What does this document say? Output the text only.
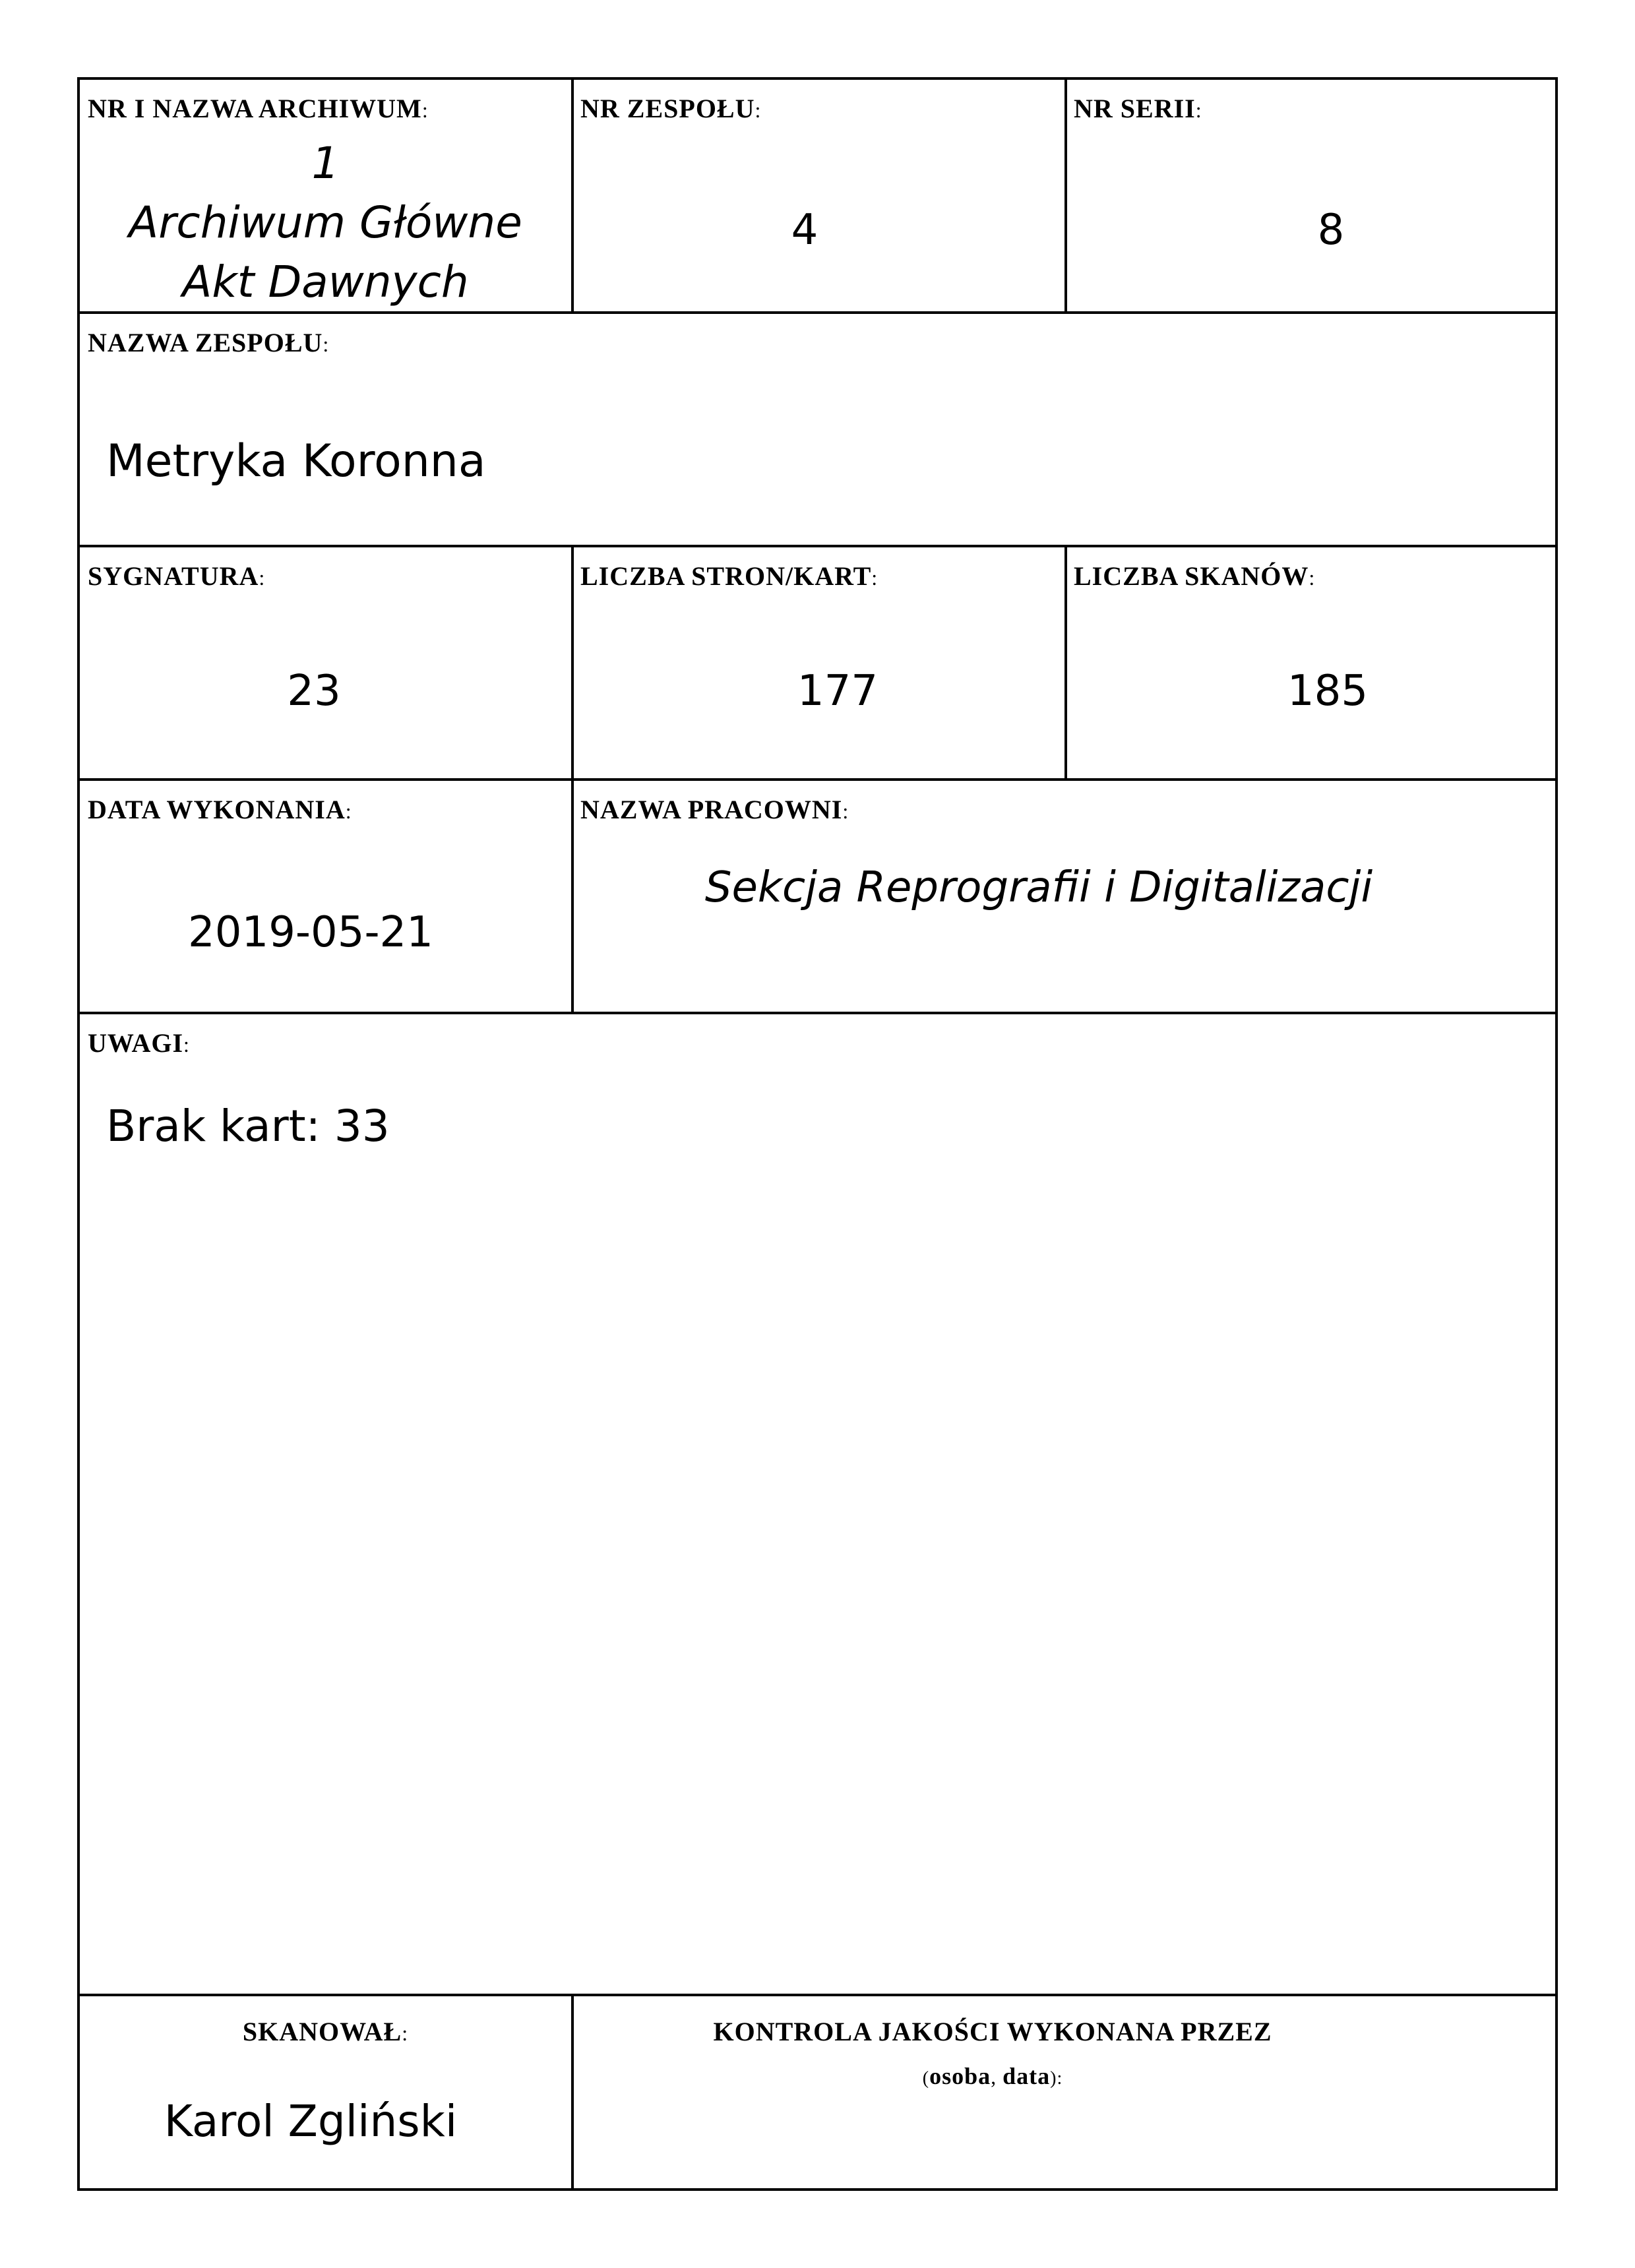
NR I NAZWA ARCHIWUM:
1
Archiwum Główne
Akt Dawnych
NR ZESPOŁU:
4
NR SERII:
8
NAZWA ZESPOŁU:
Metryka Koronna
SYGNATURA:
23
LICZBA STRON/KART:
177
LICZBA SKANÓW:
185
DATA WYKONANIA:
2019-05-21
NAZWA PRACOWNI:
Sekcja Reprografii i Digitalizacji
UWAGI:
Brak kart: 33
SKANOWAŁ:
Karol Zgliński
KONTROLA JAKOŚCI WYKONANA PRZEZ
(osoba, data):
